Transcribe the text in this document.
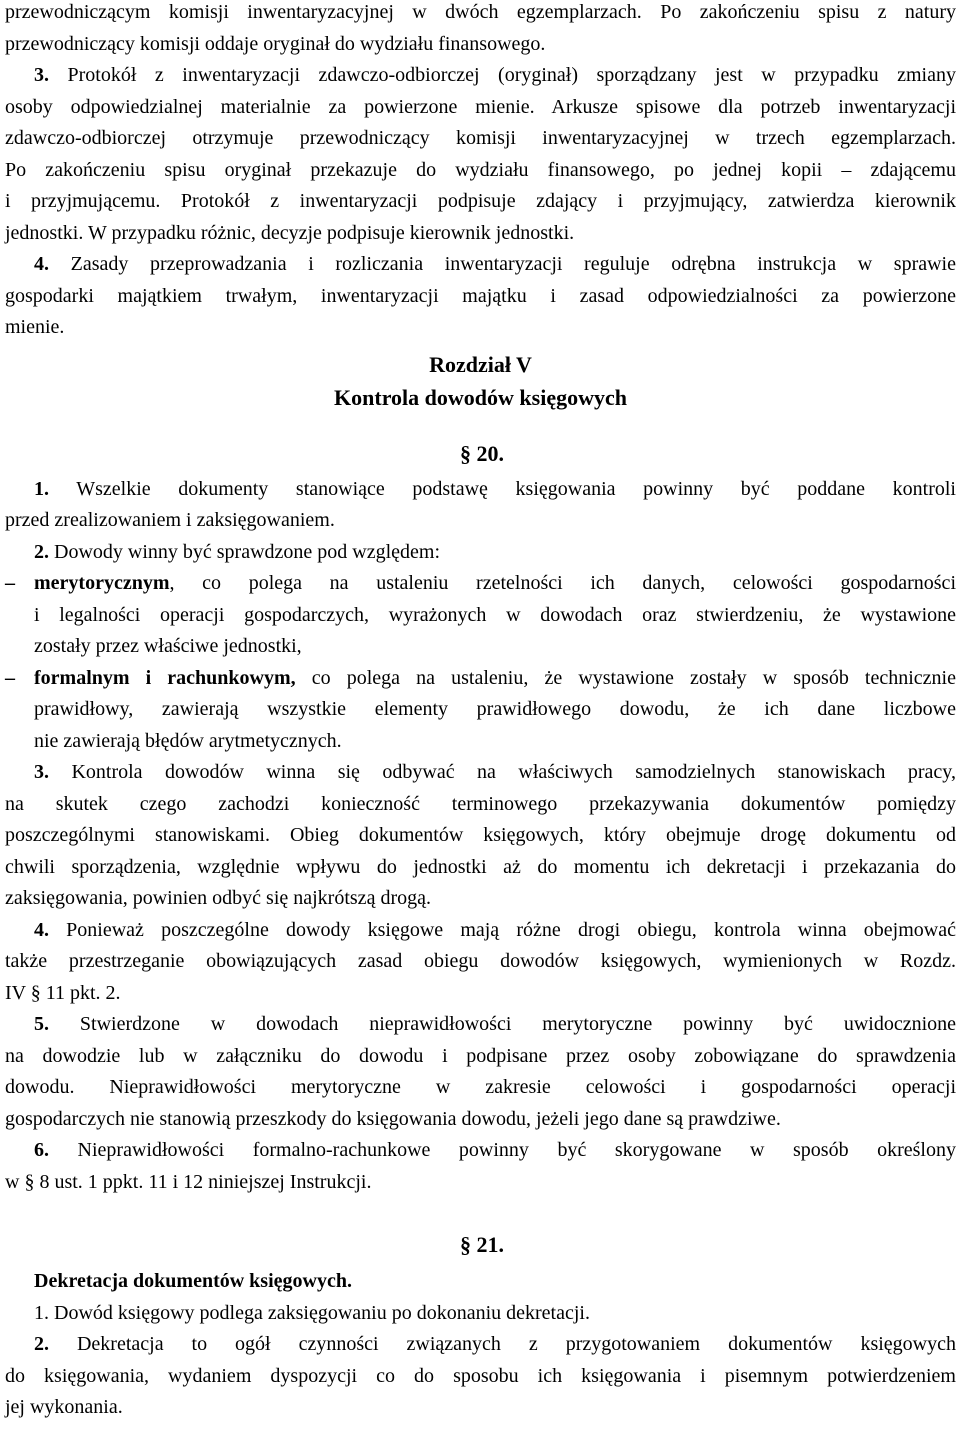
przewodniczącym komisji inwentaryzacyjnej w dwóch egzemplarzach. Po zakończeniu spisu z natury

przewodniczący komisji oddaje oryginał do wydziału finansowego.

3. Protokół z inwentaryzacji zdawczo-odbiorczej (oryginał) sporządzany jest w przypadku zmiany

osoby odpowiedzialnej materialnie za powierzone mienie. Arkusze spisowe dla potrzeb inwentaryzacji

zdawczo-odbiorczej otrzymuje przewodniczący komisji inwentaryzacyjnej w trzech egzemplarzach.

Po zakończeniu spisu oryginał przekazuje do wydziału finansowego, po jednej kopii – zdającemu

i przyjmującemu. Protokół z inwentaryzacji podpisuje zdający i przyjmujący, zatwierdza kierownik

jednostki. W przypadku różnic, decyzje podpisuje kierownik jednostki.

4. Zasady przeprowadzania i rozliczania inwentaryzacji reguluje odrębna instrukcja w sprawie

gospodarki majątkiem trwałym, inwentaryzacji majątku i zasad odpowiedzialności za powierzone

mienie.

Rozdział V

Kontrola dowodów księgowych

§ 20.

1. Wszelkie dokumenty stanowiące podstawę księgowania powinny być poddane kontroli

przed zrealizowaniem i zaksięgowaniem.

2. Dowody winny być sprawdzone pod względem:

– merytorycznym, co polega na ustaleniu rzetelności ich danych, celowości gospodarności

i legalności operacji gospodarczych, wyrażonych w dowodach oraz stwierdzeniu, że wystawione

zostały przez właściwe jednostki,

– formalnym i rachunkowym, co polega na ustaleniu, że wystawione zostały w sposób technicznie

prawidłowy, zawierają wszystkie elementy prawidłowego dowodu, że ich dane liczbowe

nie zawierają błędów arytmetycznych.

3. Kontrola dowodów winna się odbywać na właściwych samodzielnych stanowiskach pracy,

na skutek czego zachodzi konieczność terminowego przekazywania dokumentów pomiędzy

poszczególnymi stanowiskami. Obieg dokumentów księgowych, który obejmuje drogę dokumentu od

chwili sporządzenia, względnie wpływu do jednostki aż do momentu ich dekretacji i przekazania do

zaksięgowania, powinien odbyć się najkrótszą drogą.

4. Ponieważ poszczególne dowody księgowe mają różne drogi obiegu, kontrola winna obejmować

także przestrzeganie obowiązujących zasad obiegu dowodów księgowych, wymienionych w Rozdz.

IV § 11 pkt. 2.

5. Stwierdzone w dowodach nieprawidłowości merytoryczne powinny być uwidocznione

na dowodzie lub w załączniku do dowodu i podpisane przez osoby zobowiązane do sprawdzenia

dowodu. Nieprawidłowości merytoryczne w zakresie celowości i gospodarności operacji

gospodarczych nie stanowią przeszkody do księgowania dowodu, jeżeli jego dane są prawdziwe.

6. Nieprawidłowości formalno-rachunkowe powinny być skorygowane w sposób określony

w § 8 ust. 1 ppkt. 11 i 12 niniejszej Instrukcji.

§ 21.

Dekretacja dokumentów księgowych.

1. Dowód księgowy podlega zaksięgowaniu po dokonaniu dekretacji.

2. Dekretacja to ogół czynności związanych z przygotowaniem dokumentów księgowych

do księgowania, wydaniem dyspozycji co do sposobu ich księgowania i pisemnym potwierdzeniem

jej wykonania.
